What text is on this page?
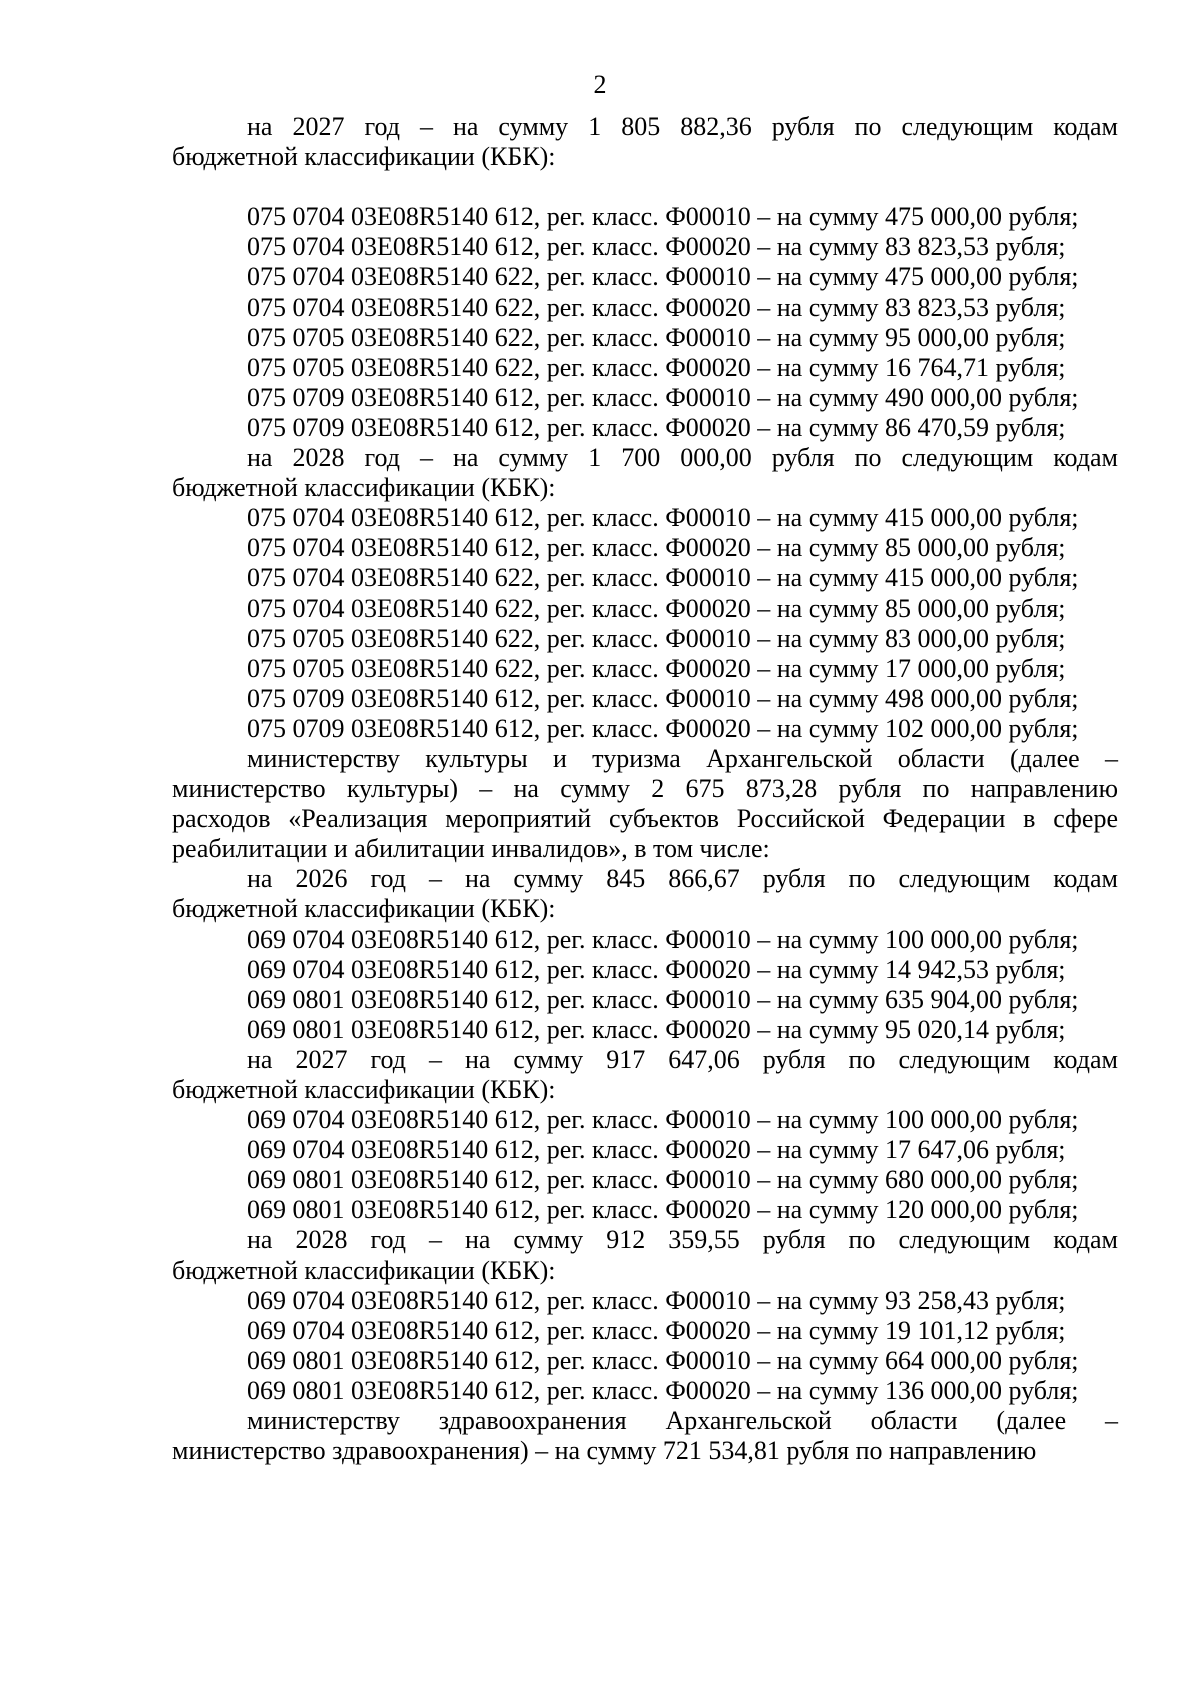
2
на 2027 год – на сумму 1 805 882,36 рубля по следующим кодам
бюджетной классификации (КБК):
075 0704 03Е08R5140 612, рег. класс. Ф00010 – на сумму 475 000,00 рубля;
075 0704 03Е08R5140 612, рег. класс. Ф00020 – на сумму 83 823,53 рубля;
075 0704 03Е08R5140 622, рег. класс. Ф00010 – на сумму 475 000,00 рубля;
075 0704 03Е08R5140 622, рег. класс. Ф00020 – на сумму 83 823,53 рубля;
075 0705 03Е08R5140 622, рег. класс. Ф00010 – на сумму 95 000,00 рубля;
075 0705 03Е08R5140 622, рег. класс. Ф00020 – на сумму 16 764,71 рубля;
075 0709 03Е08R5140 612, рег. класс. Ф00010 – на сумму 490 000,00 рубля;
075 0709 03Е08R5140 612, рег. класс. Ф00020 – на сумму 86 470,59 рубля;
на 2028 год – на сумму 1 700 000,00 рубля по следующим кодам
бюджетной классификации (КБК):
075 0704 03Е08R5140 612, рег. класс. Ф00010 – на сумму 415 000,00 рубля;
075 0704 03Е08R5140 612, рег. класс. Ф00020 – на сумму 85 000,00 рубля;
075 0704 03Е08R5140 622, рег. класс. Ф00010 – на сумму 415 000,00 рубля;
075 0704 03Е08R5140 622, рег. класс. Ф00020 – на сумму 85 000,00 рубля;
075 0705 03Е08R5140 622, рег. класс. Ф00010 – на сумму 83 000,00 рубля;
075 0705 03Е08R5140 622, рег. класс. Ф00020 – на сумму 17 000,00 рубля;
075 0709 03Е08R5140 612, рег. класс. Ф00010 – на сумму 498 000,00 рубля;
075 0709 03Е08R5140 612, рег. класс. Ф00020 – на сумму 102 000,00 рубля;
министерству культуры и туризма Архангельской области (далее –
министерство культуры) – на сумму 2 675 873,28 рубля по направлению
расходов «Реализация мероприятий субъектов Российской Федерации в сфере
реабилитации и абилитации инвалидов», в том числе:
на 2026 год – на сумму 845 866,67 рубля по следующим кодам
бюджетной классификации (КБК):
069 0704 03Е08R5140 612, рег. класс. Ф00010 – на сумму 100 000,00 рубля;
069 0704 03Е08R5140 612, рег. класс. Ф00020 – на сумму 14 942,53 рубля;
069 0801 03Е08R5140 612, рег. класс. Ф00010 – на сумму 635 904,00 рубля;
069 0801 03Е08R5140 612, рег. класс. Ф00020 – на сумму 95 020,14 рубля;
на 2027 год – на сумму 917 647,06 рубля по следующим кодам
бюджетной классификации (КБК):
069 0704 03Е08R5140 612, рег. класс. Ф00010 – на сумму 100 000,00 рубля;
069 0704 03Е08R5140 612, рег. класс. Ф00020 – на сумму 17 647,06 рубля;
069 0801 03Е08R5140 612, рег. класс. Ф00010 – на сумму 680 000,00 рубля;
069 0801 03Е08R5140 612, рег. класс. Ф00020 – на сумму 120 000,00 рубля;
на 2028 год – на сумму 912 359,55 рубля по следующим кодам
бюджетной классификации (КБК):
069 0704 03Е08R5140 612, рег. класс. Ф00010 – на сумму 93 258,43 рубля;
069 0704 03Е08R5140 612, рег. класс. Ф00020 – на сумму 19 101,12 рубля;
069 0801 03Е08R5140 612, рег. класс. Ф00010 – на сумму 664 000,00 рубля;
069 0801 03Е08R5140 612, рег. класс. Ф00020 – на сумму 136 000,00 рубля;
министерству здравоохранения Архангельской области (далее –
министерство здравоохранения) – на сумму 721 534,81 рубля по направлению
